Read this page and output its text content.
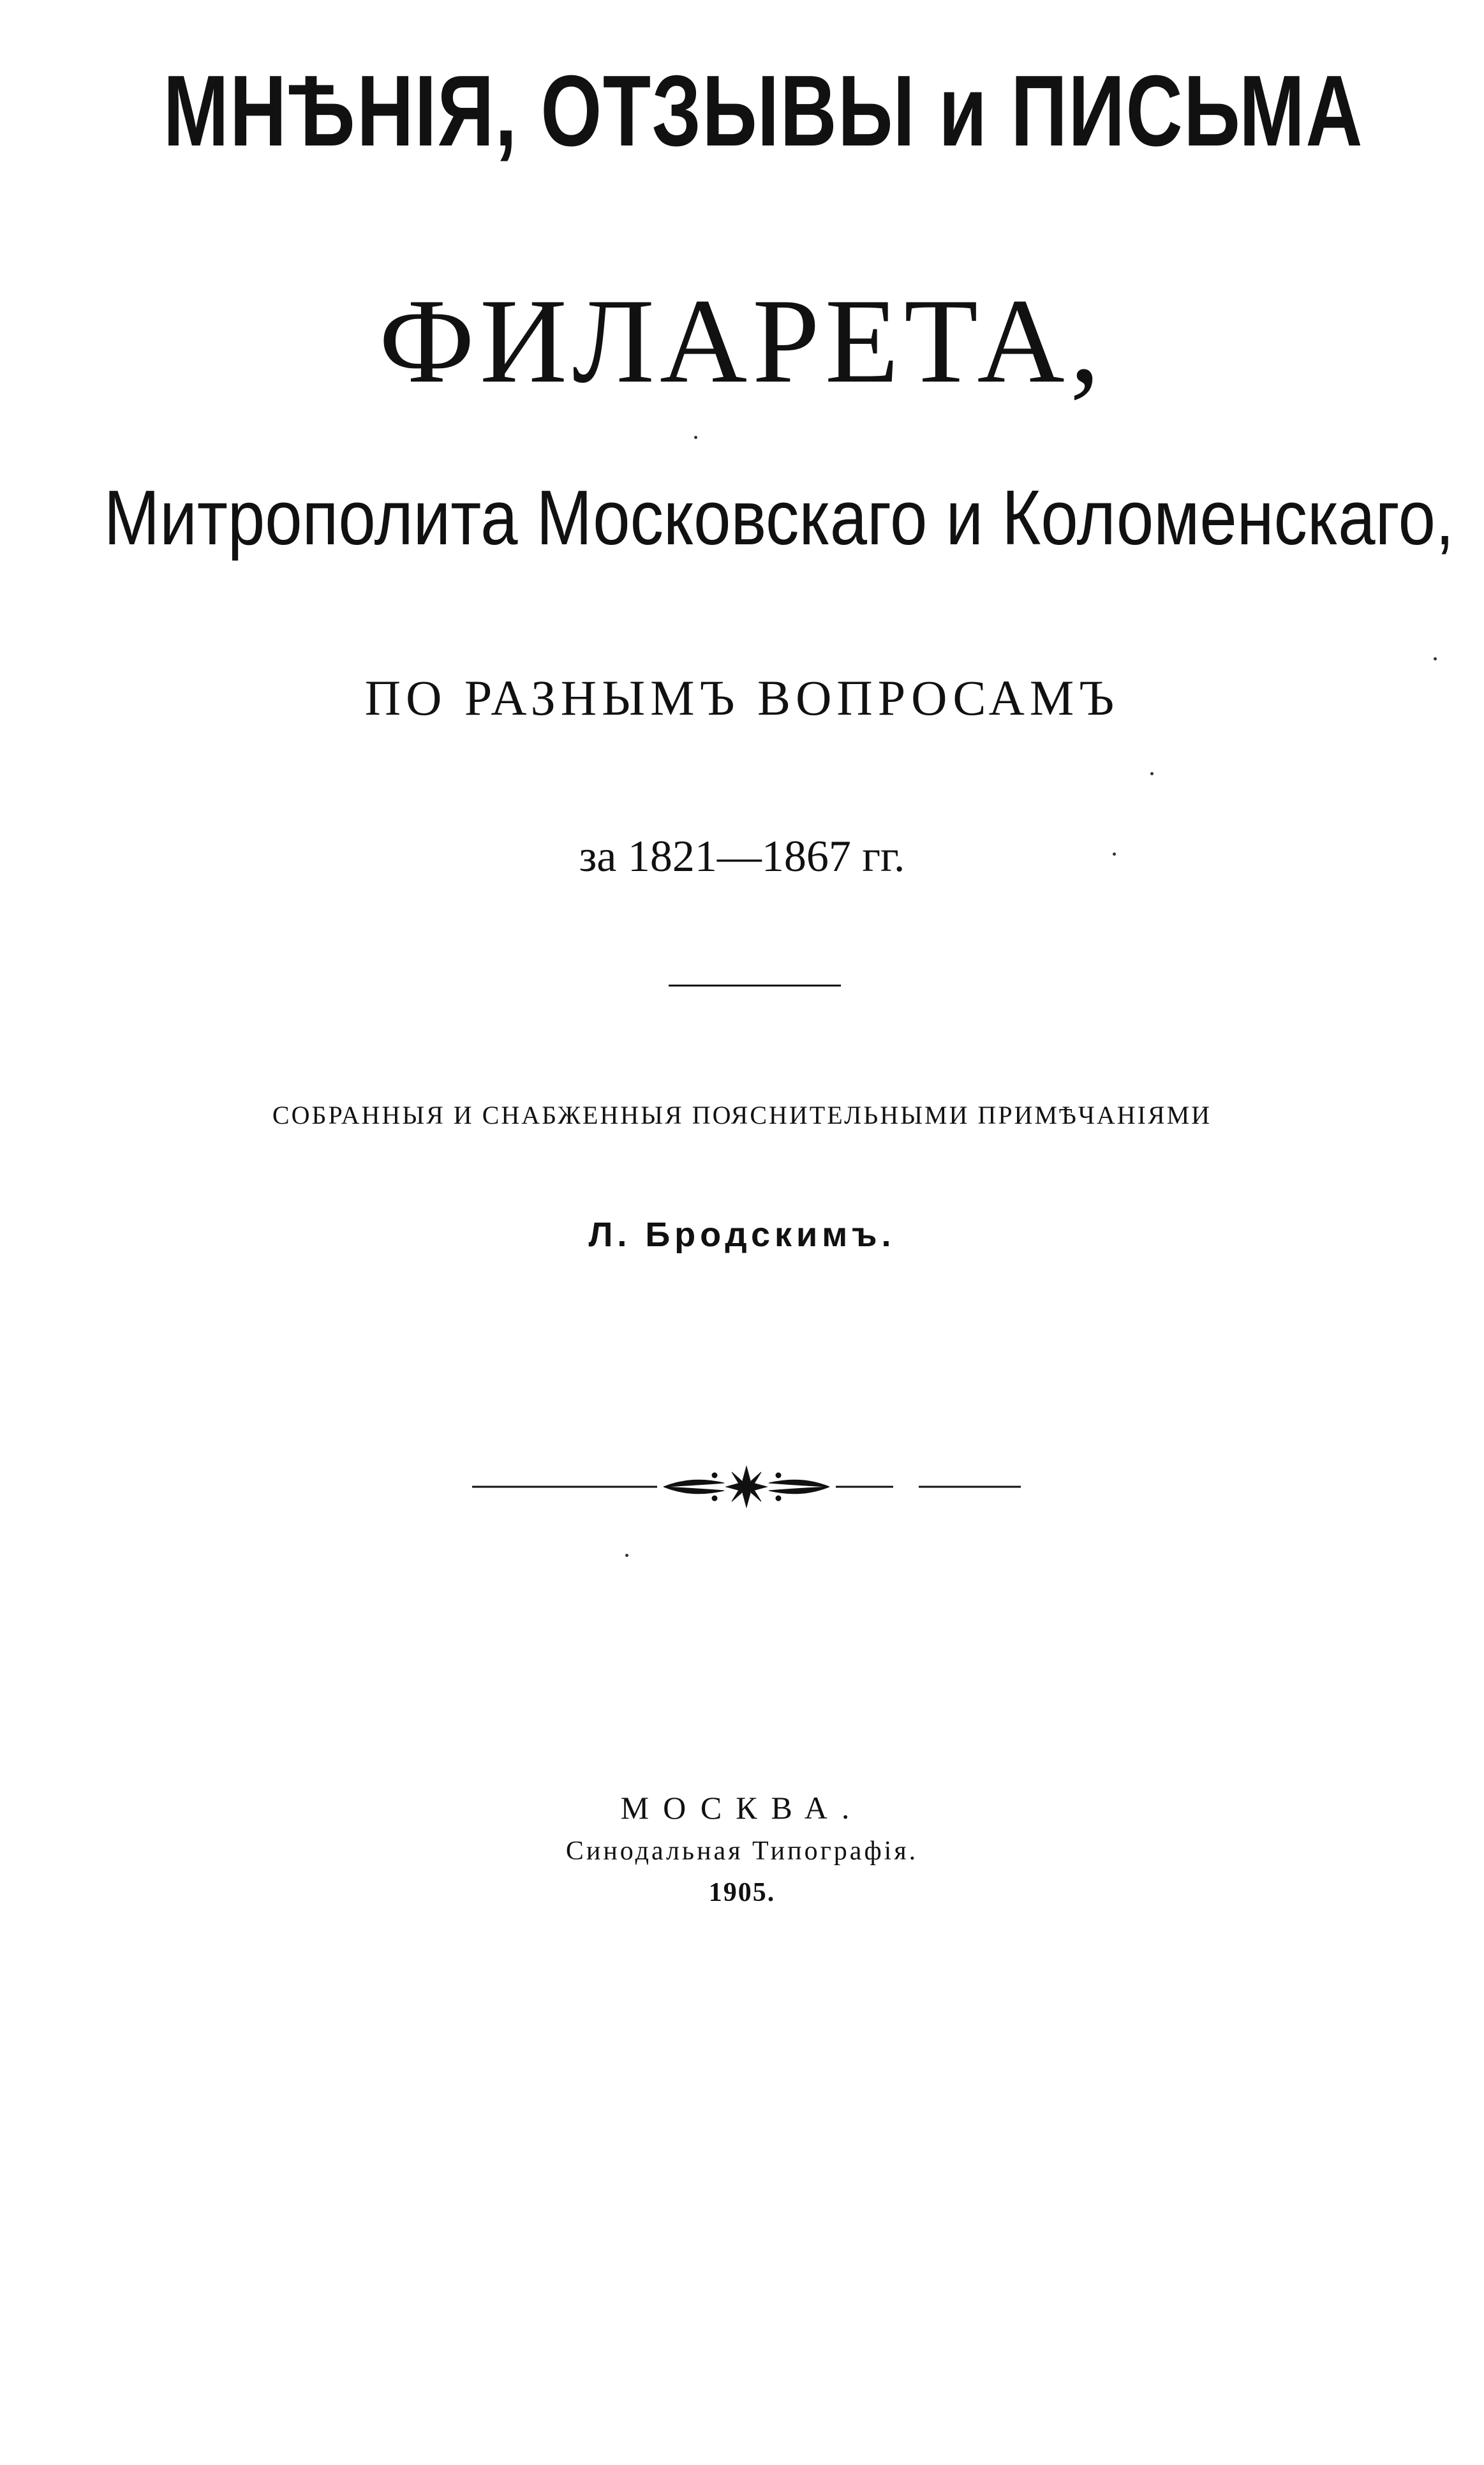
МНѢНІЯ, ОТЗЫВЫ и ПИСЬМА
ФИЛАРЕТА,
Митрополита Московскаго и Коломенскаго,
ПО РАЗНЫМЪ ВОПРОСАМЪ
за 1821—1867 гг.
СОБРАННЫЯ И СНАБЖЕННЫЯ ПОЯСНИТЕЛЬНЫМИ ПРИМѢЧАНІЯМИ
Л. Бродскимъ.
МОСКВА.
Синодальная Типографія.
1905.
